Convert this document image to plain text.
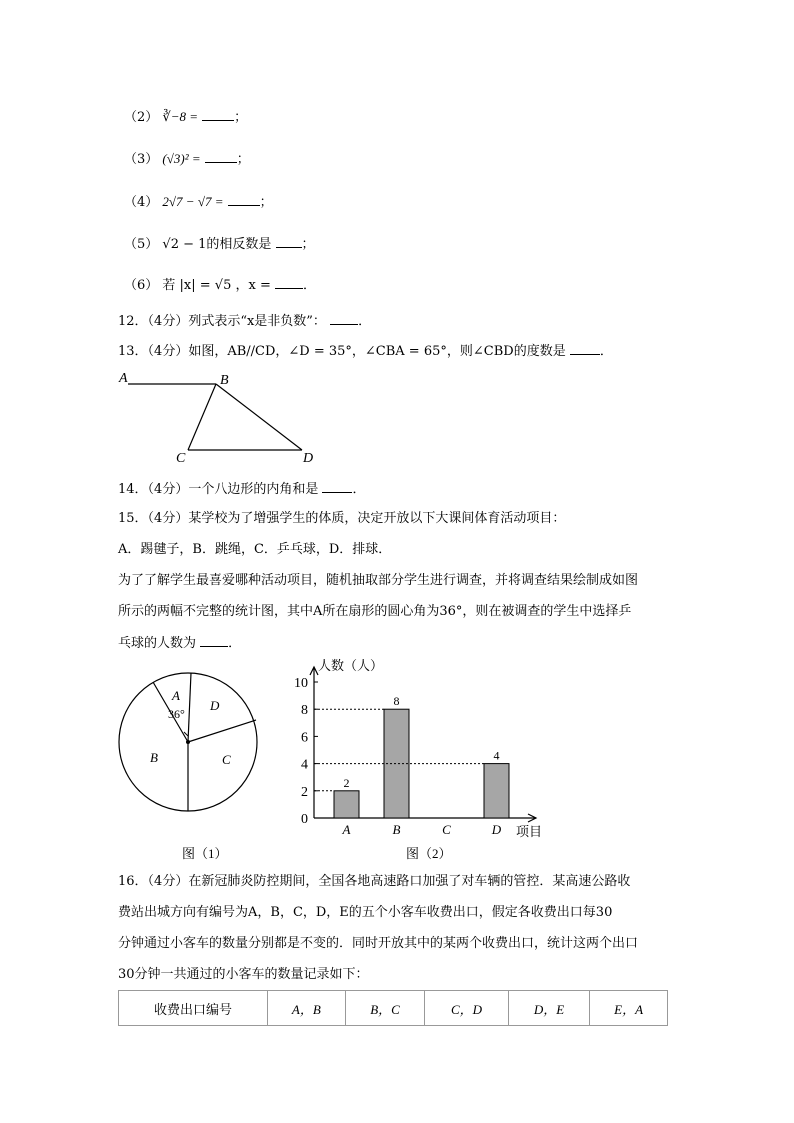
（2） ∛−8 =	；
（3） (√3)² =	；
（4） 2√7 − √7 =	；
（5） √2 − 1的相反数是 ；
（6） 若 |x| = √5 ，x = ．
12．（4分）列式表示“x是非负数”： ．
13．（4分）如图，AB//CD，∠D = 35°，∠CBA = 65°，则∠CBD的度数是	．
A	B
C	D
14．（4分）一个八边形的内角和是	．
15．（4分）某学校为了增强学生的体质，决定开放以下大课间体育活动项目：
A．踢毽子，B．跳绳，C．乒乓球，D．排球．
为了了解学生最喜爱哪种活动项目，随机抽取部分学生进行调查，并将调查结果绘制成如图
所示的两幅不完整的统计图，其中A所在扇形的圆心角为36°，则在被调查的学生中选择乒
乓球的人数为 ．
A
36°
D
B	C
图（1）
0
2
4
6
8
10
A
2
B
8
C	D
4
人数（人）
项目
图（2）
16．（4分）在新冠肺炎防控期间，全国各地高速路口加强了对车辆的管控．某高速公路收
费站出城方向有编号为A，B，C，D，E的五个小客车收费出口，假定各收费出口每30
分钟通过小客车的数量分别都是不变的．同时开放其中的某两个收费出口，统计这两个出口
30分钟一共通过的小客车的数量记录如下：
收费出口编号	A，B	B，C	C，D	D，E	E，A
